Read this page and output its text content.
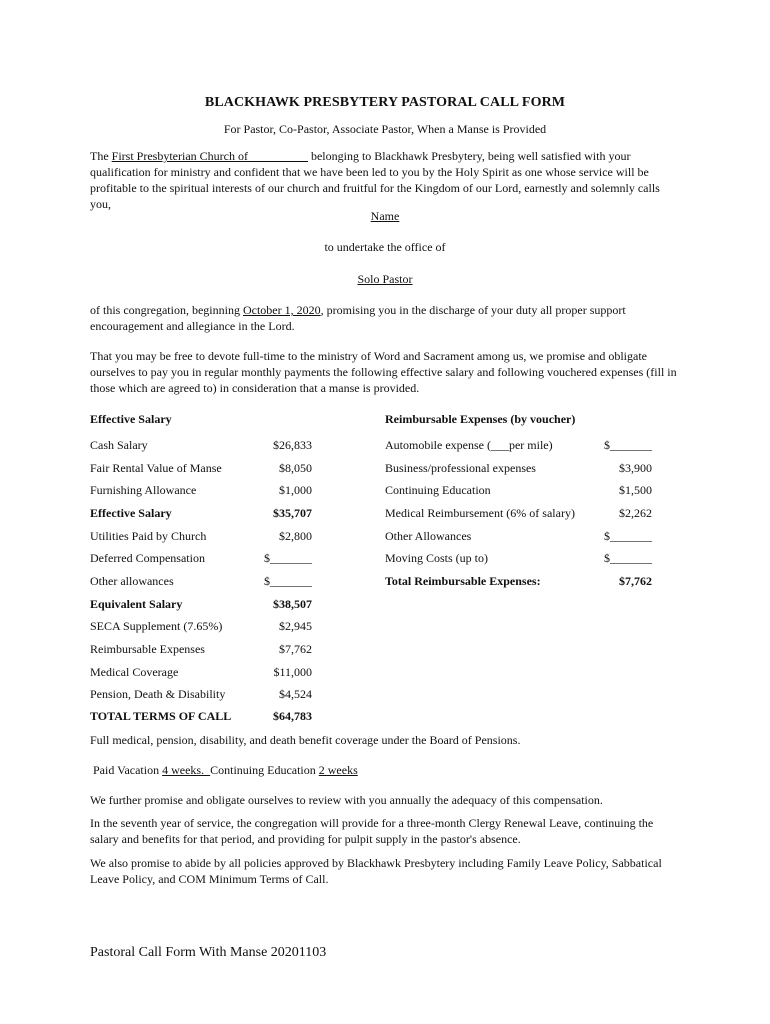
BLACKHAWK PRESBYTERY PASTORAL CALL FORM
For Pastor, Co-Pastor, Associate Pastor, When a Manse is Provided
The First Presbyterian Church of__________ belonging to Blackhawk Presbytery, being well satisfied with your qualification for ministry and confident that we have been led to you by the Holy Spirit as one whose service will be profitable to the spiritual interests of our church and fruitful for the Kingdom of our Lord, earnestly and solemnly calls you,
Name
to undertake the office of
Solo Pastor
of this congregation, beginning October 1, 2020, promising you in the discharge of your duty all proper support encouragement and allegiance in the Lord.
That you may be free to devote full-time to the ministry of Word and Sacrament among us, we promise and obligate ourselves to pay you in regular monthly payments the following effective salary and following vouchered expenses (fill in those which are agreed to) in consideration that a manse is provided.
Effective Salary
Cash Salary	$26,833
Fair Rental Value of Manse	$8,050
Furnishing Allowance	$1,000
Effective Salary	$35,707
Utilities Paid by Church	$2,800
Deferred Compensation	$_______
Other allowances	$_______
Equivalent Salary	$38,507
SECA Supplement (7.65%)	$2,945
Reimbursable Expenses	$7,762
Medical Coverage	$11,000
Pension, Death & Disability	$4,524
TOTAL TERMS OF CALL	$64,783
Reimbursable Expenses (by voucher)
Automobile expense (___per mile)	$_______
Business/professional expenses	$3,900
Continuing Education	$1,500
Medical Reimbursement (6% of salary)	$2,262
Other Allowances	$_______
Moving Costs (up to)	$_______
Total Reimbursable Expenses:	$7,762
Full medical, pension, disability, and death benefit coverage under the Board of Pensions.
Paid Vacation 4 weeks.  Continuing Education 2 weeks
We further promise and obligate ourselves to review with you annually the adequacy of this compensation.
In the seventh year of service, the congregation will provide for a three-month Clergy Renewal Leave, continuing the salary and benefits for that period, and providing for pulpit supply in the pastor's absence.
We also promise to abide by all policies approved by Blackhawk Presbytery including Family Leave Policy, Sabbatical Leave Policy, and COM Minimum Terms of Call.
Pastoral Call Form With Manse 20201103
